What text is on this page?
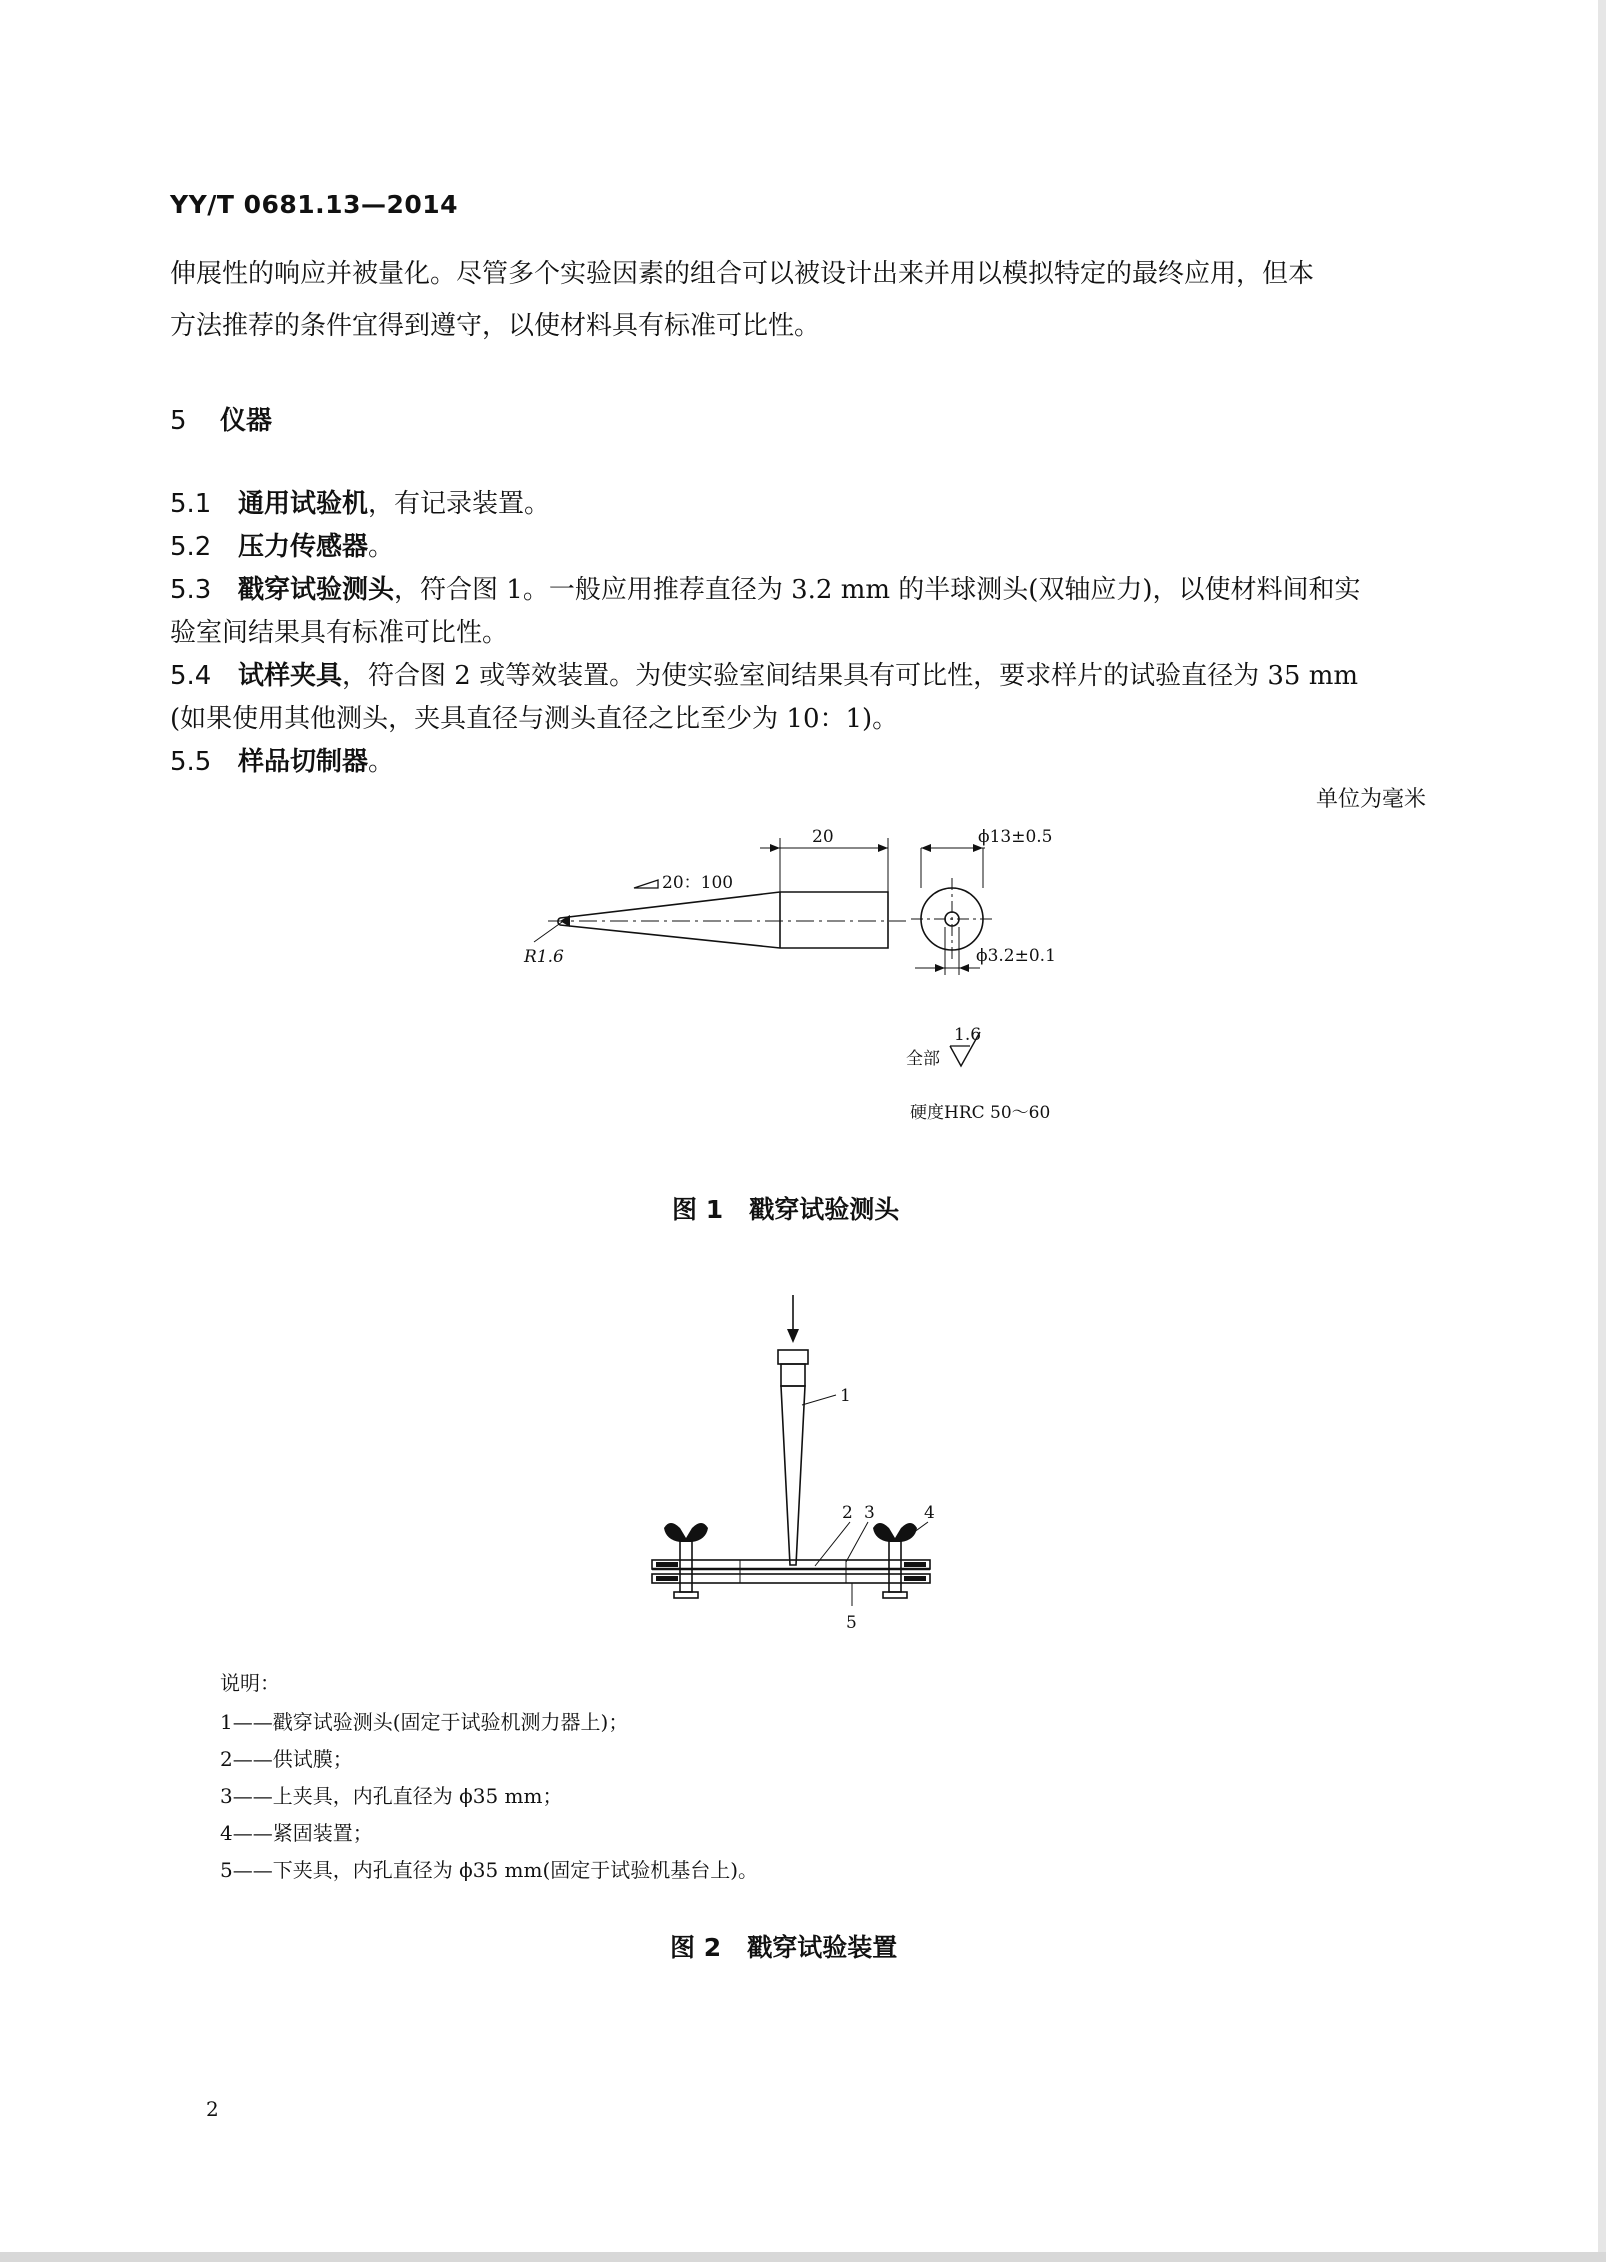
YY/T 0681.13—2014
伸展性的响应并被量化。尽管多个实验因素的组合可以被设计出来并用以模拟特定的最终应用，但本
方法推荐的条件宜得到遵守，以使材料具有标准可比性。
5 仪器
5.1 通用试验机，有记录装置。
5.2 压力传感器。
5.3 戳穿试验测头，符合图 1。一般应用推荐直径为 3.2 mm 的半球测头(双轴应力)，以使材料间和实
验室间结果具有标准可比性。
5.4 试样夹具，符合图 2 或等效装置。为使实验室间结果具有可比性，要求样片的试验直径为 35 mm
(如果使用其他测头，夹具直径与测头直径之比至少为 10：1)。
5.5 样品切制器。
单位为毫米
20
20：100
R1.6
ϕ13±0.5
ϕ3.2±0.1
1.6
全部
硬度HRC 50～60
图 1 戳穿试验测头
1
2 3	4
5
说明：
1——戳穿试验测头(固定于试验机测力器上)；
2——供试膜；
3——上夹具，内孔直径为 ϕ35 mm；
4——紧固装置；
5——下夹具，内孔直径为 ϕ35 mm(固定于试验机基台上)。
图 2 戳穿试验装置
2
